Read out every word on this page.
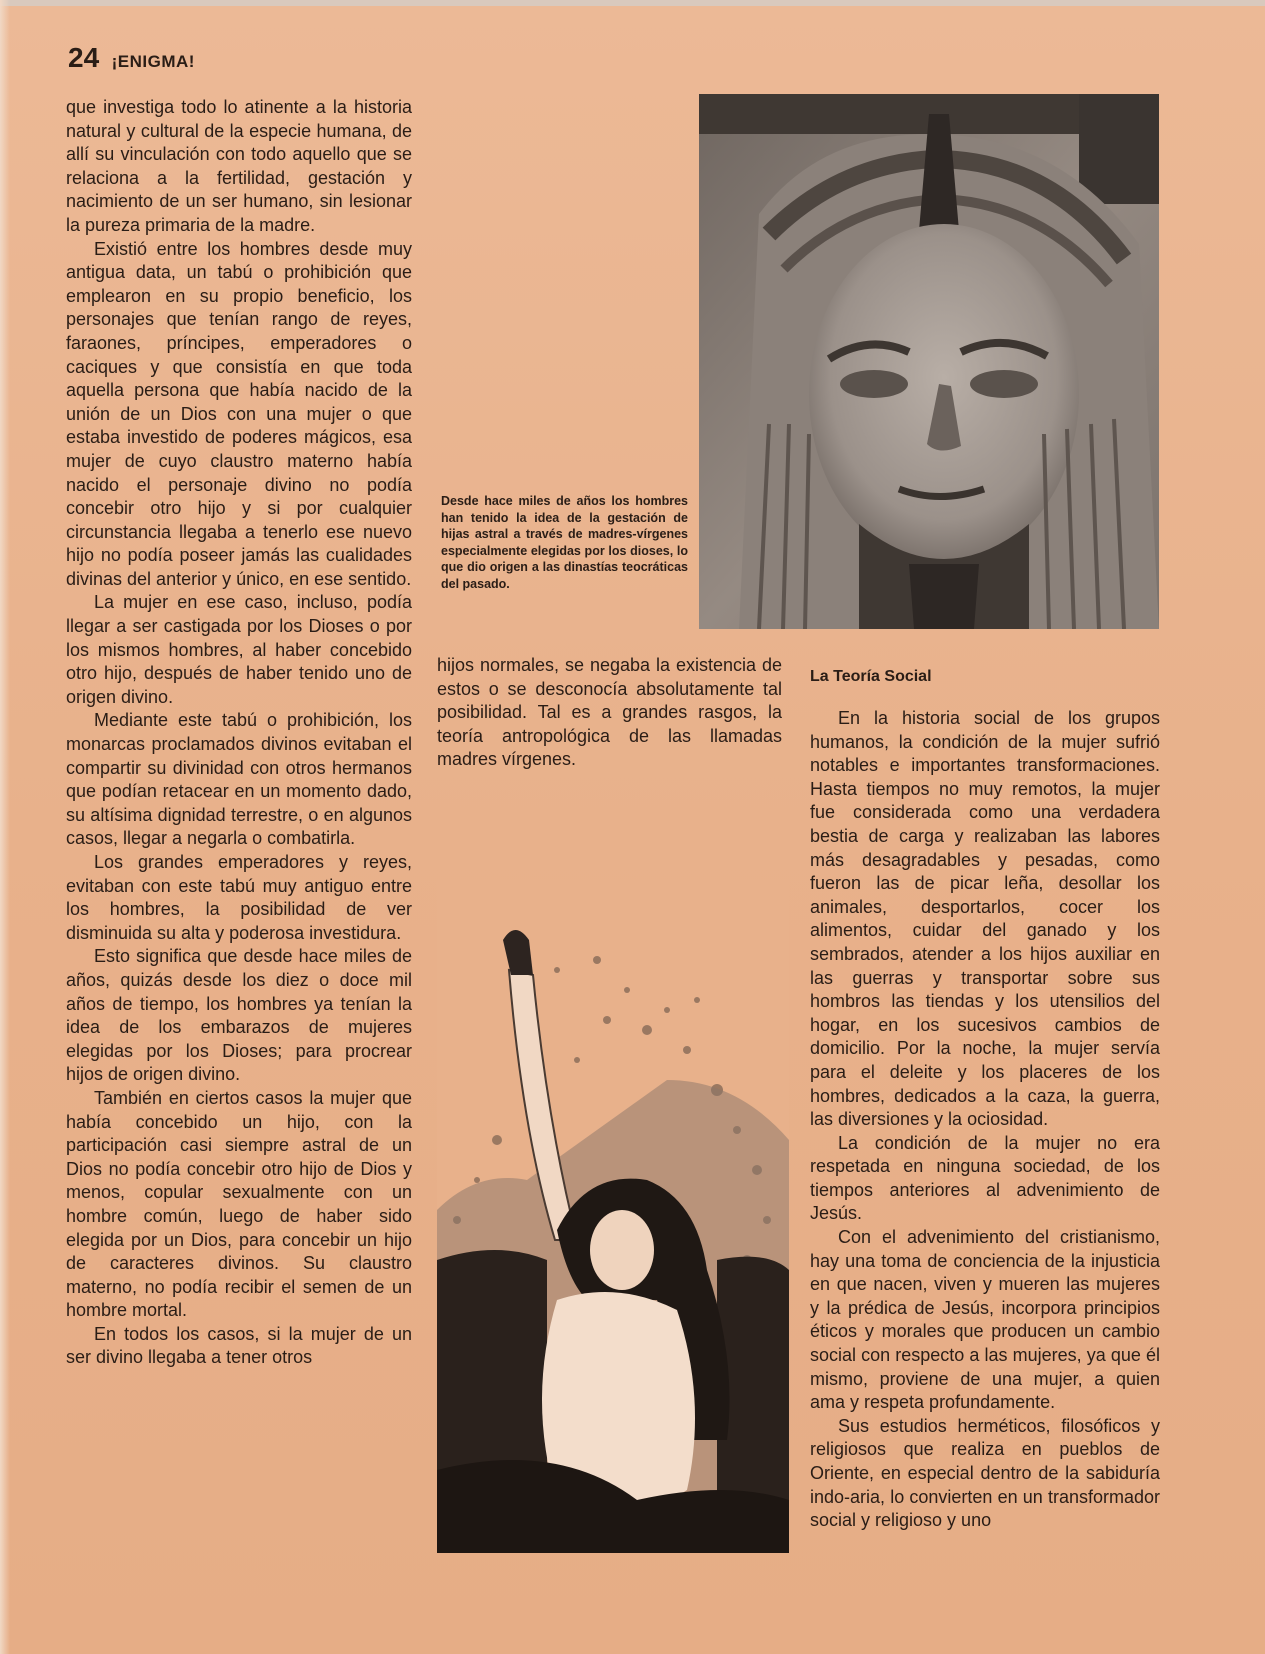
24 ¡ENIGMA!

que investiga todo lo atinente a la historia natural y cultural de la especie humana, de allí su vinculación con todo aquello que se relaciona a la fertilidad, gestación y nacimiento de un ser humano, sin lesionar la pureza primaria de la madre.

Existió entre los hombres desde muy antigua data, un tabú o prohibición que emplearon en su propio beneficio, los personajes que tenían rango de reyes, faraones, príncipes, emperadores o caciques y que consistía en que toda aquella persona que había nacido de la unión de un Dios con una mujer o que estaba investido de poderes mágicos, esa mujer de cuyo claustro materno había nacido el personaje divino no podía concebir otro hijo y si por cualquier circunstancia llegaba a tenerlo ese nuevo hijo no podía poseer jamás las cualidades divinas del anterior y único, en ese sentido.

La mujer en ese caso, incluso, podía llegar a ser castigada por los Dioses o por los mismos hombres, al haber concebido otro hijo, después de haber tenido uno de origen divino.

Mediante este tabú o prohibición, los monarcas proclamados divinos evitaban el compartir su divinidad con otros hermanos que podían retacear en un momento dado, su altísima dignidad terrestre, o en algunos casos, llegar a negarla o combatirla.

Los grandes emperadores y reyes, evitaban con este tabú muy antiguo entre los hombres, la posibilidad de ver disminuida su alta y poderosa investidura.

Esto significa que desde hace miles de años, quizás desde los diez o doce mil años de tiempo, los hombres ya tenían la idea de los embarazos de mujeres elegidas por los Dioses; para procrear hijos de origen divino.

También en ciertos casos la mujer que había concebido un hijo, con la participación casi siempre astral de un Dios no podía concebir otro hijo de Dios y menos, copular sexualmente con un hombre común, luego de haber sido elegida por un Dios, para concebir un hijo de caracteres divinos. Su claustro materno, no podía recibir el semen de un hombre mortal.

En todos los casos, si la mujer de un ser divino llegaba a tener otros

Desde hace miles de años los hombres han tenido la idea de la gestación de hijas astral a través de madres-vírgenes especialmente elegidas por los dioses, lo que dio origen a las dinastías teocráticas del pasado.

hijos normales, se negaba la existencia de estos o se desconocía absolutamente tal posibilidad. Tal es a grandes rasgos, la teoría antropológica de las llamadas madres vírgenes.

La Teoría Social

En la historia social de los grupos humanos, la condición de la mujer sufrió notables e importantes transformaciones. Hasta tiempos no muy remotos, la mujer fue considerada como una verdadera bestia de carga y realizaban las labores más desagradables y pesadas, como fueron las de picar leña, desollar los animales, desportarlos, cocer los alimentos, cuidar del ganado y los sembrados, atender a los hijos auxiliar en las guerras y transportar sobre sus hombros las tiendas y los utensilios del hogar, en los sucesivos cambios de domicilio. Por la noche, la mujer servía para el deleite y los placeres de los hombres, dedicados a la caza, la guerra, las diversiones y la ociosidad.

La condición de la mujer no era respetada en ninguna sociedad, de los tiempos anteriores al advenimiento de Jesús.

Con el advenimiento del cristianismo, hay una toma de conciencia de la injusticia en que nacen, viven y mueren las mujeres y la prédica de Jesús, incorpora principios éticos y morales que producen un cambio social con respecto a las mujeres, ya que él mismo, proviene de una mujer, a quien ama y respeta profundamente.

Sus estudios herméticos, filosóficos y religiosos que realiza en pueblos de Oriente, en especial dentro de la sabiduría indo-aria, lo convierten en un transformador social y religioso y uno
